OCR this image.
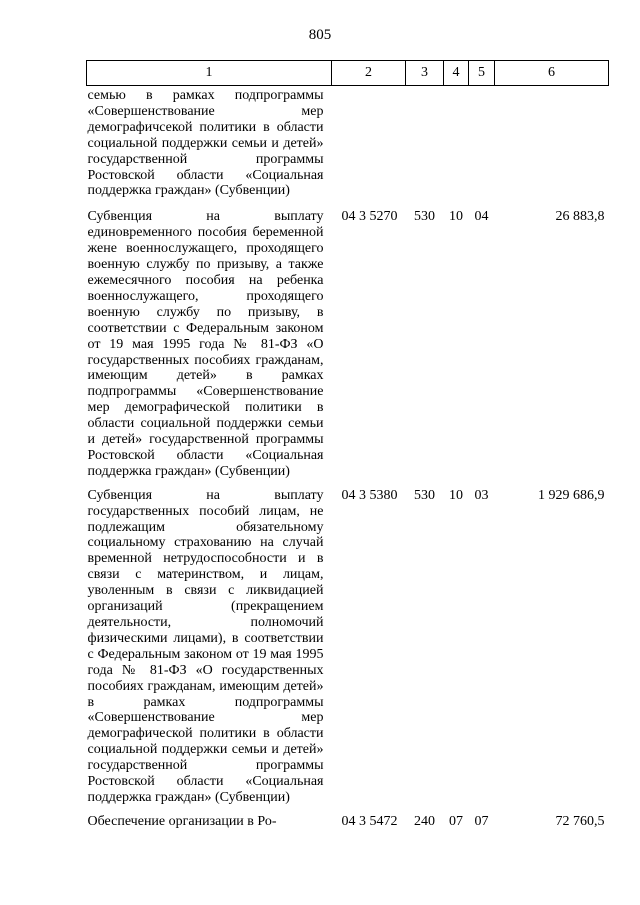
805
1	2	3	4	5	6
семью в рамках подпрограммы «Совершенствование мер демографичсекой политики в области социальной поддержки семьи и детей» государственной программы Ростовской области «Социальная поддержка граждан» (Субвенции)					
Субвенция на выплату единовременного пособия беременной жене военнослужащего, проходящего военную службу по призыву, а также ежемесячного пособия на ребенка военнослужащего, проходящего военную службу по призыву, в соответствии с Федеральным законом от 19 мая 1995 года № 81-ФЗ «О государственных пособиях гражданам, имеющим детей» в рамках подпрограммы «Совершенствование мер демографической политики в области социальной поддержки семьи и детей» государственной программы Ростовской области «Социальная поддержка граждан» (Субвенции)	04 3 5270	530	10	04	26 883,8
Субвенция на выплату государственных пособий лицам, не подлежащим обязательному социальному страхованию на случай временной нетрудоспособности и в связи с материнством, и лицам, уволенным в связи с ликвидацией организаций (прекращением деятельности, полномочий физическими лицами), в соответствии с Федеральным законом от 19 мая 1995 года № 81-ФЗ «О государственных пособиях гражданам, имеющим детей» в рамках подпрограммы «Совершенствование мер демографической политики в области социальной поддержки семьи и детей» государственной программы Ростовской области «Социальная поддержка граждан» (Субвенции)	04 3 5380	530	10	03	1 929 686,9
Обеспечение организации в Ро-	04 3 5472	240	07	07	72 760,5
